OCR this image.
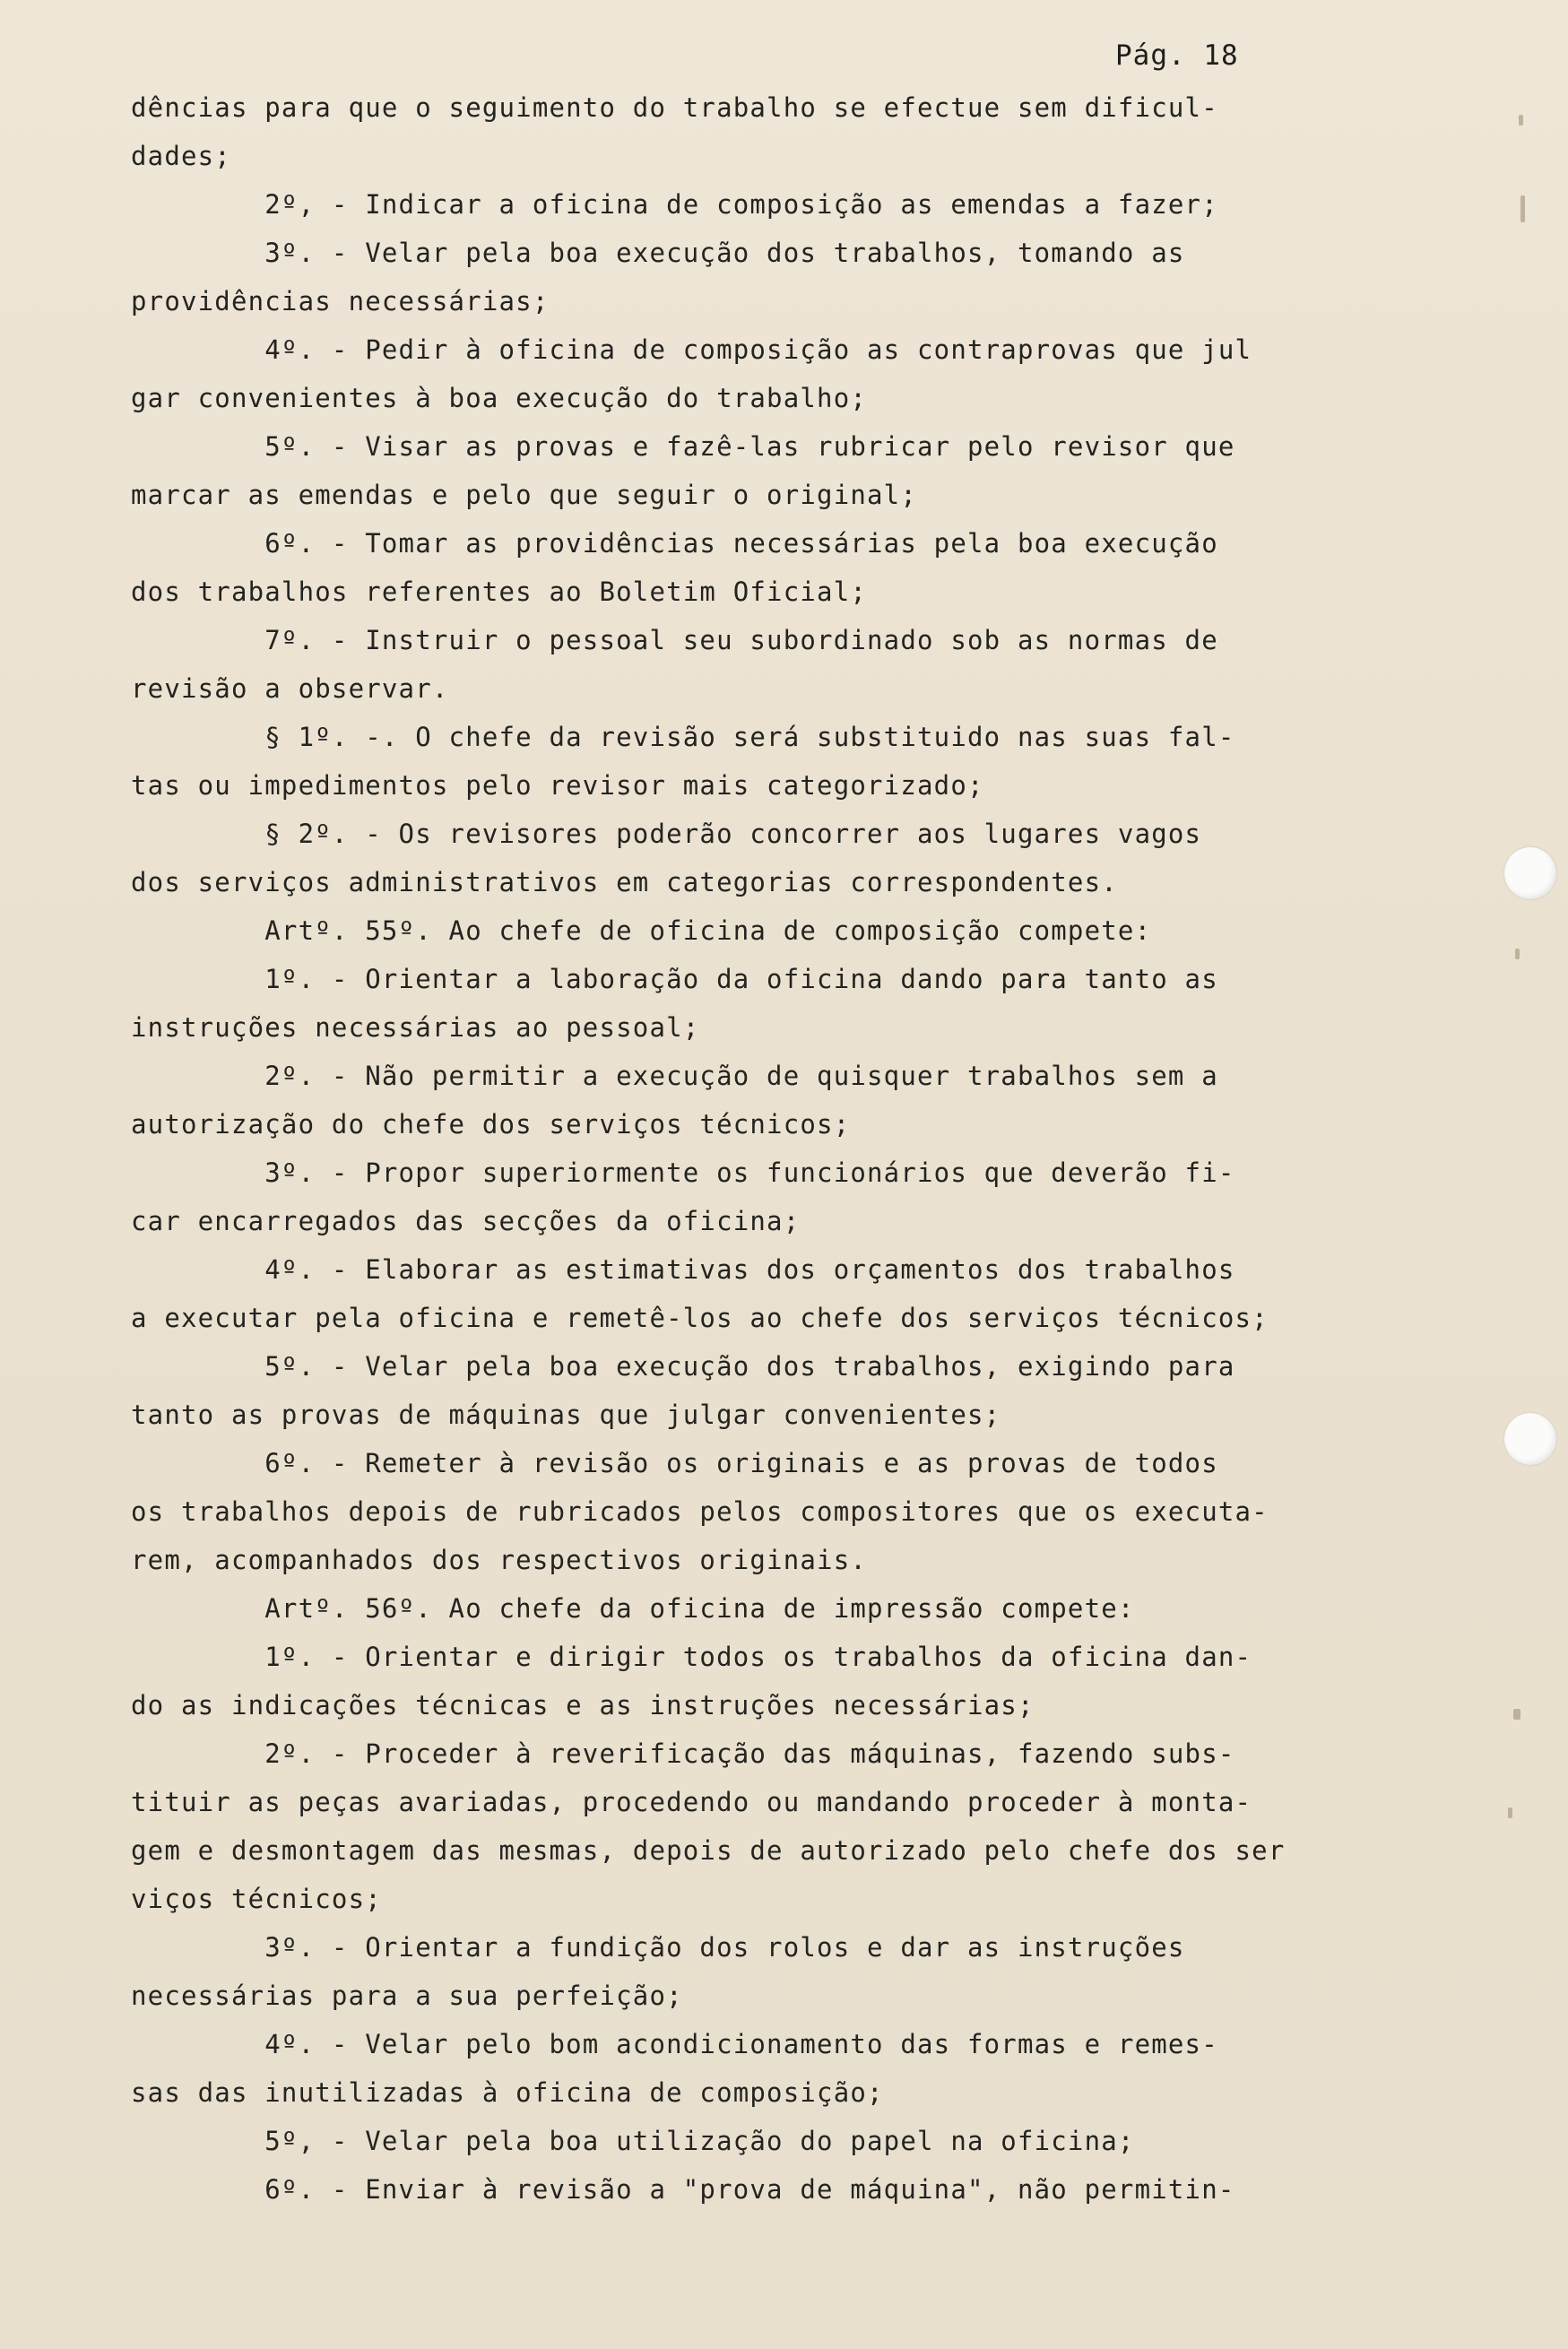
Pág. 18
dências para que o seguimento do trabalho se efectue sem dificul-
dades;
2º, - Indicar a oficina de composição as emendas a fazer;
3º. - Velar pela boa execução dos trabalhos, tomando as
providências necessárias;
4º. - Pedir à oficina de composição as contraprovas que jul
gar convenientes à boa execução do trabalho;
5º. - Visar as provas e fazê-las rubricar pelo revisor que
marcar as emendas e pelo que seguir o original;
6º. - Tomar as providências necessárias pela boa execução
dos trabalhos referentes ao Boletim Oficial;
7º. - Instruir o pessoal seu subordinado sob as normas de
revisão a observar.
§ 1º. -. O chefe da revisão será substituido nas suas fal-
tas ou impedimentos pelo revisor mais categorizado;
§ 2º. - Os revisores poderão concorrer aos lugares vagos
dos serviços administrativos em categorias correspondentes.
Artº. 55º. Ao chefe de oficina de composição compete:
1º. - Orientar a laboração da oficina dando para tanto as
instruções necessárias ao pessoal;
2º. - Não permitir a execução de quisquer trabalhos sem a
autorização do chefe dos serviços técnicos;
3º. - Propor superiormente os funcionários que deverão fi-
car encarregados das secções da oficina;
4º. - Elaborar as estimativas dos orçamentos dos trabalhos
a executar pela oficina e remetê-los ao chefe dos serviços técnicos;
5º. - Velar pela boa execução dos trabalhos, exigindo para
tanto as provas de máquinas que julgar convenientes;
6º. - Remeter à revisão os originais e as provas de todos
os trabalhos depois de rubricados pelos compositores que os executa-
rem, acompanhados dos respectivos originais.
Artº. 56º. Ao chefe da oficina de impressão compete:
1º. - Orientar e dirigir todos os trabalhos da oficina dan-
do as indicações técnicas e as instruções necessárias;
2º. - Proceder à reverificação das máquinas, fazendo subs-
tituir as peças avariadas, procedendo ou mandando proceder à monta-
gem e desmontagem das mesmas, depois de autorizado pelo chefe dos ser
viços técnicos;
3º. - Orientar a fundição dos rolos e dar as instruções
necessárias para a sua perfeição;
4º. - Velar pelo bom acondicionamento das formas e remes-
sas das inutilizadas à oficina de composição;
5º, - Velar pela boa utilização do papel na oficina;
6º. - Enviar à revisão a "prova de máquina", não permitin-
